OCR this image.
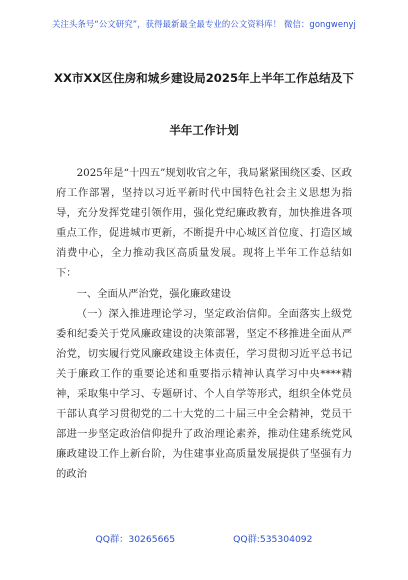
关注头条号“公文研究”，获得最新最全最专业的公文资料库！ 微信：gongwenyj
XX市XX区住房和城乡建设局2025年上半年工作总结及下
半年工作计划

2025年是“十四五”规划收官之年，我局紧紧围绕区委、区政府工作部署，坚持以习近平新时代中国特色社会主义思想为指导，充分发挥党建引领作用，强化党纪廉政教育，加快推进各项重点工作，促进城市更新，不断提升中心城区首位度、打造区域消费中心，全力推动我区高质量发展。现将上半年工作总结如下：

一、全面从严治党，强化廉政建设

（一）深入推进理论学习，坚定政治信仰。全面落实上级党委和纪委关于党风廉政建设的决策部署，坚定不移推进全面从严治党，切实履行党风廉政建设主体责任，学习贯彻习近平总书记关于廉政工作的重要论述和重要指示精神认真学习中央****精神，采取集中学习、专题研讨、个人自学等形式，组织全体党员干部认真学习贯彻党的二十大党的二十届三中全会精神，党员干部进一步坚定政治信仰提升了政治理论素养，推动住建系统党风廉政建设工作上新台阶，为住建事业高质量发展提供了坚强有力的政治

QQ群：30265665	QQ群:535304092
